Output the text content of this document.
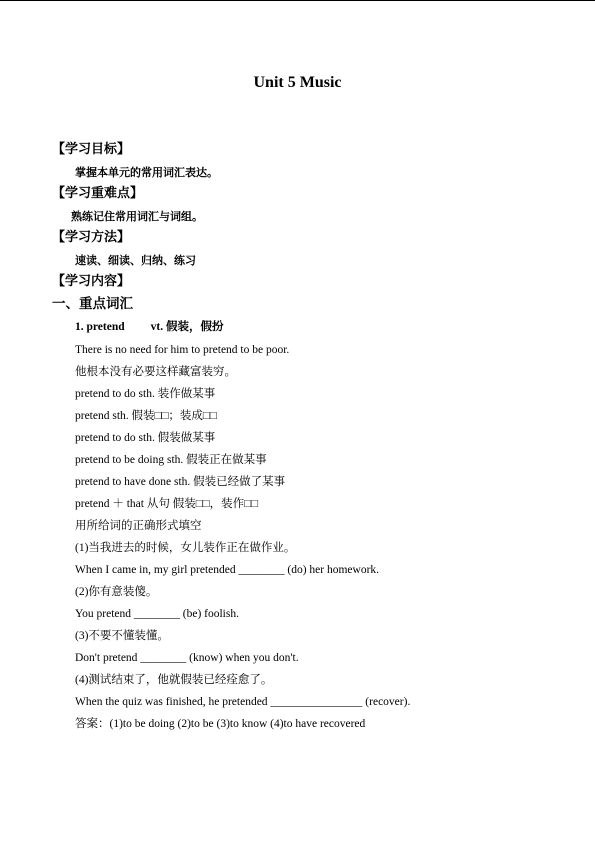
Unit 5 Music
【学习目标】
掌握本单元的常用词汇表达。
【学习重难点】
熟练记住常用词汇与词组。
【学习方法】
速读、细读、归纳、练习
【学习内容】
一、重点词汇
1. pretend vt. 假装，假扮
There is no need for him to pretend to be poor.
他根本没有必要这样藏富装穷。
pretend to do sth. 装作做某事
pretend sth. 假装□□；装成□□
pretend to do sth. 假装做某事
pretend to be doing sth. 假装正在做某事
pretend to have done sth. 假装已经做了某事
pretend ＋ that 从句 假装□□，装作□□
用所给词的正确形式填空
(1)当我进去的时候，女儿装作正在做作业。
When I came in, my girl pretended ________ (do) her homework.
(2)你有意装傻。
You pretend ________ (be) foolish.
(3)不要不懂装懂。
Don't pretend ________ (know) when you don't.
(4)测试结束了，他就假装已经痊愈了。
When the quiz was finished, he pretended ________________ (recover).
答案：(1)to be doing (2)to be (3)to know (4)to have recovered
